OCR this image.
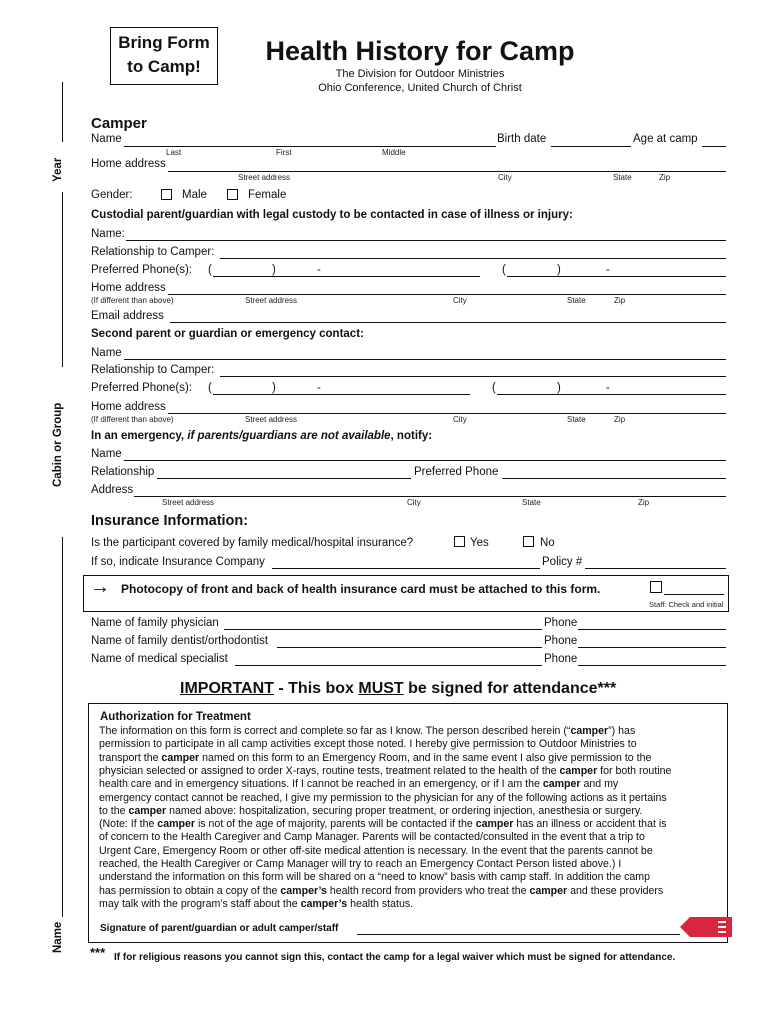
Year
Cabin or Group
Name
Bring Form
to Camp!
Health History for Camp
The Division for Outdoor Ministries
Ohio Conference, United Church of Christ
Camper
Name	Birth date	Age at camp
Last	First	Middle
Home address
Street address	City	State	Zip
Gender:	Male	Female
Custodial parent/guardian with legal custody to be contacted in case of illness or injury:
Name:
Relationship to Camper:
Preferred Phone(s): (	)	-	(	)	-
Home address
(If different than above)	Street address	City	State	Zip
Email address
Second parent or guardian or emergency contact:
Name
Relationship to Camper:
Preferred Phone(s): (	)	-	(	)	-
Home address
(If different than above)	Street address	City	State	Zip
In an emergency, if parents/guardians are not available, notify:
Name
Relationship	Preferred Phone
Address
Street address	City	State	Zip
Insurance Information:
Is the participant covered by family medical/hospital insurance?	Yes	No
If so, indicate Insurance Company	Policy #
→ Photocopy of front and back of health insurance card must be attached to this form.
Staff: Check and initial
Name of family physician	Phone
Name of family dentist/orthodontist	Phone
Name of medical specialist	Phone
IMPORTANT - This box MUST be signed for attendance***
Authorization for Treatment
The information on this form is correct and complete so far as I know. The person described herein (“camper”) has
permission to participate in all camp activities except those noted. I hereby give permission to Outdoor Ministries to
transport the camper named on this form to an Emergency Room, and in the same event I also give permission to the
physician selected or assigned to order X-rays, routine tests, treatment related to the health of the camper for both routine
health care and in emergency situations. If I cannot be reached in an emergency, or if I am the camper and my
emergency contact cannot be reached, I give my permission to the physician for any of the following actions as it pertains
to the camper named above: hospitalization, securing proper treatment, or ordering injection, anesthesia or surgery.
(Note: If the camper is not of the age of majority, parents will be contacted if the camper has an illness or accident that is
of concern to the Health Caregiver and Camp Manager. Parents will be contacted/consulted in the event that a trip to
Urgent Care, Emergency Room or other off-site medical attention is necessary. In the event that the parents cannot be
reached, the Health Caregiver or Camp Manager will try to reach an Emergency Contact Person listed above.) I
understand the information on this form will be shared on a “need to know” basis with camp staff. In addition the camp
has permission to obtain a copy of the camper’s health record from providers who treat the camper and these providers
may talk with the program’s staff about the camper’s health status.
Signature of parent/guardian or adult camper/staff
*** If for religious reasons you cannot sign this, contact the camp for a legal waiver which must be signed for attendance.
